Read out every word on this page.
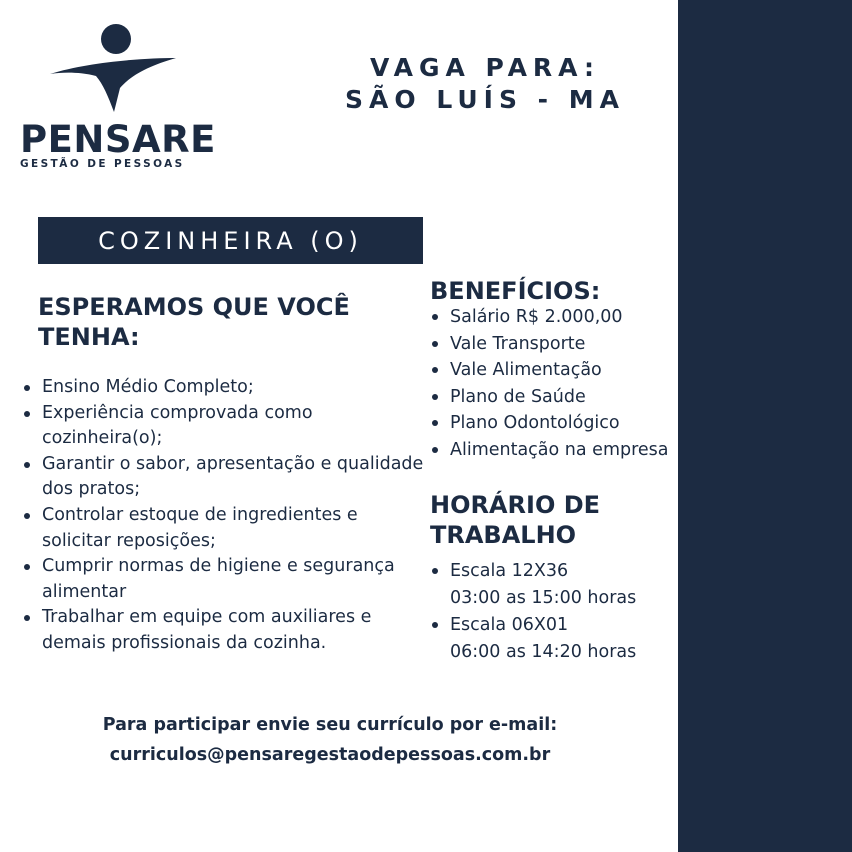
PENSARE
GESTÃO DE PESSOAS
VAGA PARA:
SÃO LUÍS - MA
COZINHEIRA (O)
ESPERAMOS QUE VOCÊ
TENHA:
Ensino Médio Completo;
Experiência comprovada como cozinheira(o);
Garantir o sabor, apresentação e qualidade dos pratos;
Controlar estoque de ingredientes e solicitar reposições;
Cumprir normas de higiene e segurança alimentar
Trabalhar em equipe com auxiliares e demais profissionais da cozinha.
BENEFÍCIOS:
Salário R$ 2.000,00
Vale Transporte
Vale Alimentação
Plano de Saúde
Plano Odontológico
Alimentação na empresa
HORÁRIO DE
TRABALHO
Escala 12X36
03:00 as 15:00 horas
Escala 06X01
06:00 as 14:20 horas
Para participar envie seu currículo por e-mail:
curriculos@pensaregestaodepessoas.com.br
